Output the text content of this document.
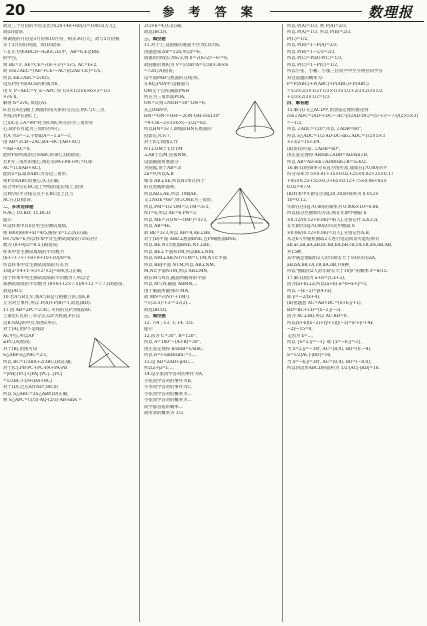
20	参 考 答 案	数理报

故这三个月份的平均支出为(20+40+60)/3=100/3(万元)，

故(D)错误.

则调查的月份是3月份和10月份，相差30万元，故与5月份相

差于2月份的利润，故(D)错误.

7.在正方体ABCD−A₁B₁C₁D₁中，AB=6,E是BB₁

的中点，

则 BE=3, AE=CE=√(6²+3²)=3√5, AC=6√2,

故 cos∠AEC=(AE²+CE²−AC²)/(2AE·CE)=1/5,

所以 sin∠AEC=2√6/5,

设点P到平面ACE的距离为h，

由 V_P−AEC=V_E−APC 得 1/3×1/2×6×6×3=1/3

×√6 h,

解得 h=2√6, 故选(A).

8.若点A在y轴上,根据同角关系的交点点,则C与C三点

共线,同P在圆C上，

已知C在∠A=90°时,则C和C所在的为三角形外

心,故P有可能为三角形的外心.

若A 为a=−2,不妨取A=−1,a=−1，

由 AB=2CB−2AC,BA−BC·(AB+AC)

=AB−AC=0,

此时P即所成的过⊙ABC的垂心,(B)错误;

若P为三角形的重心,则必有PA+PB+PC=0,即

AC=1/3(AB+AC),

此时λ=μ,取⊙ABC为等边三角形,

则P为⊙ABC的重心,(C)正确;

结合外P点在BC边上中线的延长线上,由余

点P的角平分线交点不在BC边上且与

AC在,(D)错误.

二、多项选择题

9.AC; 10.BD; 11.BCD.

提示

9.设样本中有x位男生的测试成绩,

则 600/(600+x)=4/5,解得 x=12,(A)正确;

8×75%=6,所以样本中女生测试成绩的75%分位

数为 (8+9)/2=8.5,(B)错误;

样本中女生测试成绩的平均数为

(6+7+7+7+8+9+10+10)/8=8,

所以样本中女生测试成绩的方差为

1/8[2²×4+1²×3+2²×2]=8/4,(C)正确;

由于样本中男生测试成绩的平均数为7,所以全

部测试成绩的平均数为 (8×8+12×7.5)/8+12 =7.7,(D)错误.

故选(AC).

10.若A与B互斥,则A与B是互相独立的,而A,B

互为对立事件,所以 P(A)+P(B)=1,故选(BD).

11.由 AB=2PC=2·AC, 可得的点P为线段AC

上靠近C点的三等分点,以P为底面,P在以

点B为AQ的中点,如图1所示,

对于(A),由P不是线段

AC中点,所以AP

≠PC,(A)错误;

对于(B),由图可知

S△ABP:S△PBC=2:1,

所以 BC=1/3BA+2/3BC,(B)正确;

对于(C),PB·PC+PC·PA+PA·PB

=|PB|·|PC|+|PA|·|PC|...|PC|

=1/3BC+1/9·(BA+BC)

对于(D),过点A作AD与BC的

所以 S△ABC=2S△ABP,(D)正确,

则 S△APC=(1/3)·AQ·(2/3)·AB·sinA =

2/3×6=4,(C)正确;

故选(BCD).

三、填空题

11.对于①,设圆锥的底面半径为r,高为h,

由题意知2πr=12π,所以r=6,

圆锥的母线长为6√2,则 h=√(6√2)²−6²=6,

故圆锥的体积为 V=1/3πr²h=1/3π×36×6

=72π,(A)错误;

设平面PAB与底面的交线为l,

在Rt△POA中,设截面与

OM交于点N,截面PNH

所在为三角形面POA,

ON=3,则∠NOH=30°,ON=6,

在△OHN中,

HN²=ON²+OH²−2ON·OH·cos120°

=9+36−2×3×6×(−1/2)=63,

所以HN=3√7,即线段HN在底面的

投影长为3√7,

对于(C),如图2,作

NT⊥OM于T,作TM

⊥AB于点M,连接NM,

设面截面将底面分

为圆弧,由于AB=3/

2a=9,所以A,B

相等 AB⊥SE,所以NT所在四个

的点处截距面积,

所以AB⊥AE,所以 TM∥AE,

又∠NOE=60°,则∠ONE为三角形,

所以 PM=1/2 OM=3,TM=3√3,

NT=6,所以 AE=6,PN=3,

所以 ME=√(ON²−OM²)=3√3,

所以 AB=4E,

故 BE=3√3,所以 AB=4,AE⊥BE,

对于(D)平面 ABE⊥底面BNE,且PM∥底面BNE,

所以 BE,NT⊂底面BNE,NT⊥BE,

所以 BE⊥平面NTM,所以BE⊥NM,

所以 NM⊥AB,NT∩TM=T,TM,NT⊂平面

所以 BE∥平面 NTM,所以 AB⊥NM,

M,N⊂平面NTM,所以 AB⊥MN,

故在M与N点,截面所截得的平面

所以 M与N,截面 ABMN,...

由于截面所截得的 MN,

故 MN=√(NT²+TM²)

=√(3√3)²+3²=3√(2)...

故选(BCD).

三、填空题

12. 7/4 ; 13. 1; 14. 1/3.

提示

12.因为 C=30°, B=120°,

所以 A=180°−(A+B)=30°,

由正弦定理得 b/sinB=c/sinC,

所以 b=c·sinB/sinC=1,...

13.设 AD=λAB+μAC,...

所以λ+μ=1,...

14.设小张同学答对的事件为A,

小张同学答对的事件为B,

小李同学答对的事件为C,

小张同学答对的概率为...

小张同学答对的概率为...

同学都答错的概率...

故所求的概率为 1/3.

所以 P(A)=1/3, 则 P(A)=2/3,

所以 P(A)=1/3, 所以 P(B)=2/3,

P(C)=1/2,

所以 P(B)=1−P(A)=2/3,

所以 P(B)=1−1/3=2/3,

所以 P(C)=P(B)·P(C)=1/3,

所以 P(C)=1−P(C)=1/2,

所以小张、小鹏、小郡三位同学中至少两位同学答

对这道题的概率为:

P=P(ABC)+P(ABC)+P(ABC)+P(ABC)

=1/3×2/3×1/2+1/3×1/3×1/2+2/3×2/3×1/2

+1/3×2/3×1/2=1/3.

四、解答题

15.解:(Ⅰ) 在△ACD中,由余弦定理的推论得

cos∠ADC=(AD²+DC²−AC²)/(2AD·DC)=(5²+3²−7²)/(2×5×3)

=−1/2,

所以 ∠ADC=120°,所以 ∠ADB=60°,

所以 S△ADC=1/2·AD·DC·sin∠ADC=1/2×5×3

×√3/2=15√3/4.

(Ⅱ)由(Ⅰ)可知, ∠ADB=60°,

由正弦定理得 AB/sin∠ADB=AD/sin∠B,

所以 AB=AD·sin∠ADB/sin∠B=5√6/2.

16.解:(Ⅰ)由频率分布直方图可知,成绩在[70,80)的平

均分布率为 5×0.01+15×0.02+25×0.02+35×0.17

+45×0.25+55×0.3+65×0.12+75×0.06+85×

0.02=47.9.

(Ⅱ)样本中年龄在区间[20,30)的频率为 0.012×

10=0.12,

年龄在区间[70,80)的频率为 0.006×10=0.06,

所以按分层抽样的方法,则在年龄中抽取 6

×0.12/(0.12+0.06)=4(人),分别记作 a,b,c,d,

在年龄区间[70,80)的市民中抽取 6

×0.06/(0.12+0.06)=2(人),分别记作A,B,

从这6人中随机抽取2人进行电话回访可能结果有

ab,ac,ad,aA,aB,bc,bd,bA,bB,cd,cA,cB,dA,dB,AB,

共15种,

其中满足抽取的2人的年龄差大于10岁的有aA,

aB,bA,bB,cA,cB,dA,dB,共8种,

所以"抽取的2人的年龄差大于10岁"的概率 P=8/15.

17.解:(Ⅰ)因为 a+b=(1,x+2),

因为(a+b)⊥a,所以(a+b)·a=0⇔x+y=2,

所以 −(x−2)=y(4+x),

即 y=−2/(x+4).

(Ⅱ)由题意 AC=AB+BC=(x+6,y+1),

BD=BC+CD=(x−2,y−3).

因为 AC⊥BD,所以 AC·BD=0,

所以(x+6)(x−2)+(y+1)(y−3)=x²+y²+4x

−2y−15=0,

又因为 x=...,

所以 {x=2,y=−1} 或 {x=−6,y=3},

当 x=2,y=−1时, AC=(8,0), BD=(0,−4),

S=1/2|AC|·|BD|=16,

当 x=−6,y=3时, AC=(0,4), BD=(−8,0),

所以四边形ABCD的面积为 1/2·|AC|·|BD|=16.
